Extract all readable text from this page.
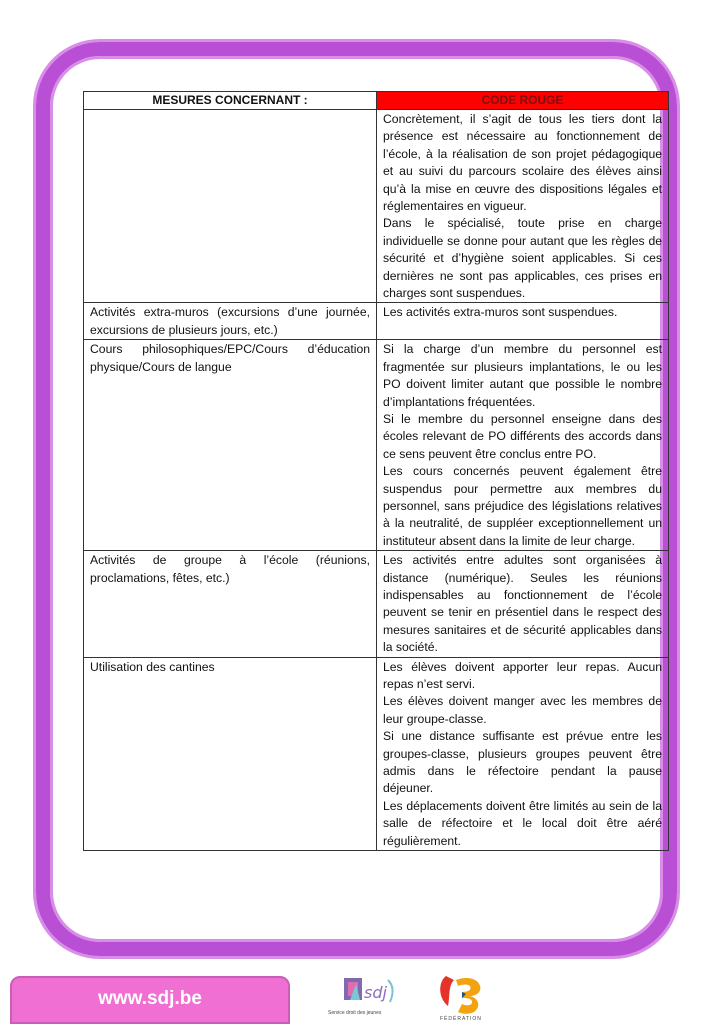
MESURES CONCERNANT :	CODE ROUGE

	Concrètement, il s’agit de tous les tiers dont la présence est nécessaire au fonctionnement de l’école, à la réalisation de son projet pédagogique et au suivi du parcours scolaire des élèves ainsi qu’à la mise en œuvre des dispositions légales et réglementaires en vigueur.
Dans le spécialisé, toute prise en charge individuelle se donne pour autant que les règles de sécurité et d’hygiène soient applicables. Si ces dernières ne sont pas applicables, ces prises en charges sont suspendues.

Activités extra-muros (excursions d’une journée, excursions de plusieurs jours, etc.)	Les activités extra-muros sont suspendues.

Cours philosophiques/EPC/Cours d’éducation physique/Cours de langue	Si la charge d’un membre du personnel est fragmentée sur plusieurs implantations, le ou les PO doivent limiter autant que possible le nombre d’implantations fréquentées.
Si le membre du personnel enseigne dans des écoles relevant de PO différents des accords dans ce sens peuvent être conclus entre PO.
Les cours concernés peuvent également être suspendus pour permettre aux membres du personnel, sans préjudice des législations relatives à la neutralité, de suppléer exceptionnellement un instituteur absent dans la limite de leur charge.

Activités de groupe à l’école (réunions, proclamations, fêtes, etc.)	Les activités entre adultes sont organisées à distance (numérique). Seules les réunions indispensables au fonctionnement de l’école peuvent se tenir en présentiel dans le respect des mesures sanitaires et de sécurité applicables dans la société.

Utilisation des cantines	Les élèves doivent apporter leur repas. Aucun repas n’est servi.
Les élèves doivent manger avec les membres de leur groupe-classe.
Si une distance suffisante est prévue entre les groupes-classe, plusieurs groupes peuvent être admis dans le réfectoire pendant la pause déjeuner.
Les déplacements doivent être limités au sein de la salle de réfectoire et le local doit être aéré régulièrement.
www.sdj.be	sdj
Service droit des jeunes
FÉDÉRATION
